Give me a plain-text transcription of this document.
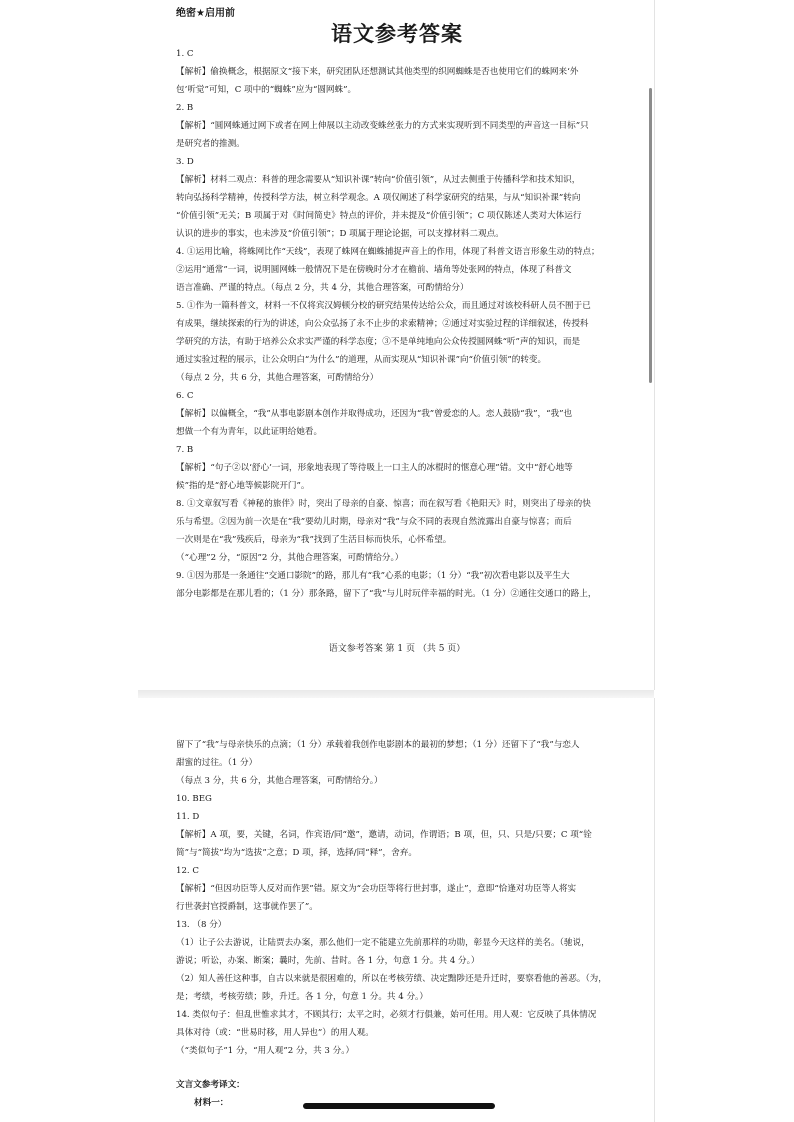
绝密★启用前
语文参考答案

1. C

【解析】偷换概念，根据原文“接下来，研究团队还想测试其他类型的织网蜘蛛是否也使用它们的蛛网来‘外

包’听觉”可知，C 项中的“蜘蛛”应为“圆网蛛”。

2. B

【解析】“圆网蛛通过网下或者在网上伸展以主动改变蛛丝张力的方式来实现听到不同类型的声音这一目标”只

是研究者的推测。

3. D

【解析】材料二观点：科普的理念需要从“知识补课”转向“价值引领”，从过去侧重于传播科学和技术知识，

转向弘扬科学精神，传授科学方法，树立科学观念。A 项仅阐述了科学家研究的结果，与从“知识补课”转向

“价值引领”无关；B 项属于对《时间简史》特点的评价，并未提及“价值引领”；C 项仅陈述人类对大体运行

认识的进步的事实，也未涉及“价值引领”；D 项属于理论论据，可以支撑材料二观点。

4. ①运用比喻，将蛛网比作“天线”，表现了蛛网在蜘蛛捕捉声音上的作用，体现了科普文语言形象生动的特点；

②运用“通常”一词，说明圆网蛛一般情况下是在傍晚时分才在檐前、墙角等处张网的特点，体现了科普文

语言准确、严谨的特点。（每点 2 分，共 4 分，其他合理答案，可酌情给分）

5. ①作为一篇科普文，材料一不仅将宾汉姆顿分校的研究结果传达给公众，而且通过对该校科研人员不囿于已

有成果，继续探索的行为的讲述，向公众弘扬了永不止步的求索精神；②通过对实验过程的详细叙述，传授科

学研究的方法，有助于培养公众求实严谨的科学态度；③不是单纯地向公众传授圆网蛛“听”声的知识，而是

通过实验过程的展示，让公众明白“为什么”的道理，从而实现从“知识补课”向“价值引领”的转变。

（每点 2 分，共 6 分，其他合理答案，可酌情给分）

6. C

【解析】以偏概全，“我”从事电影剧本创作并取得成功，还因为“我”曾爱恋的人。恋人鼓励“我”，“我”也

想做一个有为青年，以此证明给她看。

7. B

【解析】“句子②以‘舒心’一词，形象地表现了等待吸上一口主人的冰棍时的惬意心理”错。文中“舒心地等

候”指的是“舒心地等候影院开门”。

8. ①文章叙写看《神秘的旅伴》时，突出了母亲的自豪、惊喜；而在叙写看《艳阳天》时，则突出了母亲的快

乐与希望。②因为前一次是在“我”要幼儿时期，母亲对“我”与众不同的表现自然流露出自豪与惊喜；而后

一次则是在“我”残疾后，母亲为“我”找到了生活目标而快乐，心怀希望。

（“心理”2 分，“原因”2 分，其他合理答案，可酌情给分。）

9. ①因为那是一条通往“交通口影院”的路，那儿有“我”心系的电影；（1 分）“我”初次看电影以及平生大

部分电影都是在那儿看的；（1 分）那条路，留下了“我”与儿时玩伴幸福的时光。（1 分）②通往交通口的路上，

语文参考答案 第 1 页 （共 5 页）

留下了“我”与母亲快乐的点滴；（1 分）承载着我创作电影剧本的最初的梦想；（1 分）还留下了“我”与恋人

甜蜜的过往。（1 分）

（每点 3 分，共 6 分，其他合理答案，可酌情给分。）

10. BEG

11. D

【解析】A 项，要，关键，名词，作宾语/同“邀”，邀请，动词，作谓语；B 项，但，只、只是/只要；C 项“铨

简”与“简拔”均为“选拔”之意；D 项，择，选择/同“释”，舍弃。

12. C

【解析】“但因功臣等人反对而作罢”错。原文为“会功臣等将行世封事，遂止”，意即“恰逢对功臣等人将实

行世袭封官授爵制，这事就作罢了”。

13. （8 分）

（1）让子公去游说，让陆贾去办案，那么他们一定不能建立先前那样的功勋，彰显今天这样的美名。（驰说，

游说；听讼，办案、断案；曩时，先前、昔时。各 1 分，句意 1 分。共 4 分。）

（2）知人善任这种事，自古以来就是很困难的，所以在考核劳绩、决定黜陟还是升迁时，要察看他的善恶。（为，

是；考绩，考核劳绩；陟，升迁。各 1 分，句意 1 分。共 4 分。）

14. 类似句子：但乱世惟求其才，不顾其行；太平之时，必须才行俱兼，始可任用。用人观：它反映了具体情况

具体对待（或：“世易时移，用人异也”）的用人观。

（“类似句子”1 分，“用人观”2 分，共 3 分。）

文言文参考译文：

材料一：
